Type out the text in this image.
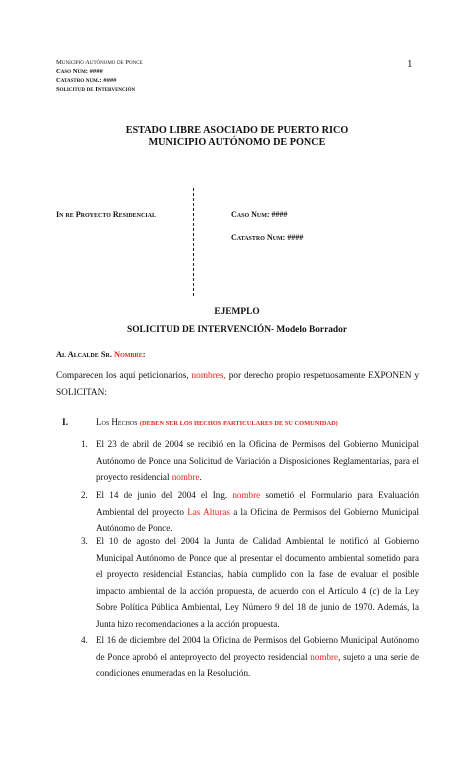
1
Municipio Autónomo de Ponce
Caso Num: ####
Catastro num.: ####
Solicitud de Intervención
ESTADO LIBRE ASOCIADO DE PUERTO RICO
MUNICIPIO AUTÓNOMO DE PONCE
In re Proyecto Residencial	Caso Num: ####
Catastro Num: ####
EJEMPLO
SOLICITUD DE INTERVENCIÓN- Modelo Borrador
Al Alcalde Sr. Nombre:
Comparecen los aquí peticionarios, nombres, por derecho propio respetuosamente EXPONEN y SOLICITAN:
I.	Los Hechos (DEBEN SER LOS HECHOS PARTICULARES DE SU COMUNIDAD)
1. El 23 de abril de 2004 se recibió en la Oficina de Permisos del Gobierno Municipal Autónomo de Ponce una Solicitud de Variación a Disposiciones Reglamentarias, para el proyecto residencial nombre.
2. El 14 de junio del 2004 el Ing. nombre sometió el Formulario para Evaluación Ambiental del proyecto Las Alturas a la Oficina de Permisos del Gobierno Municipal Autónomo de Ponce.
3. El 10 de agosto del 2004 la Junta de Calidad Ambiental le notificó al Gobierno Municipal Autónomo de Ponce que al presentar el documento ambiental sometido para el proyecto residencial Estancias, había cumplido con la fase de evaluar el posible impacto ambiental de la acción propuesta, de acuerdo con el Artículo 4 (c) de la Ley Sobre Política Pública Ambiental, Ley Número 9 del 18 de junio de 1970. Además, la Junta hizo recomendaciones a la acción propuesta.
4. El 16 de diciembre del 2004 la Oficina de Permisos del Gobierno Municipal Autónomo de Ponce aprobó el anteproyecto del proyecto residencial nombre, sujeto a una serie de condiciones enumeradas en la Resolución.
